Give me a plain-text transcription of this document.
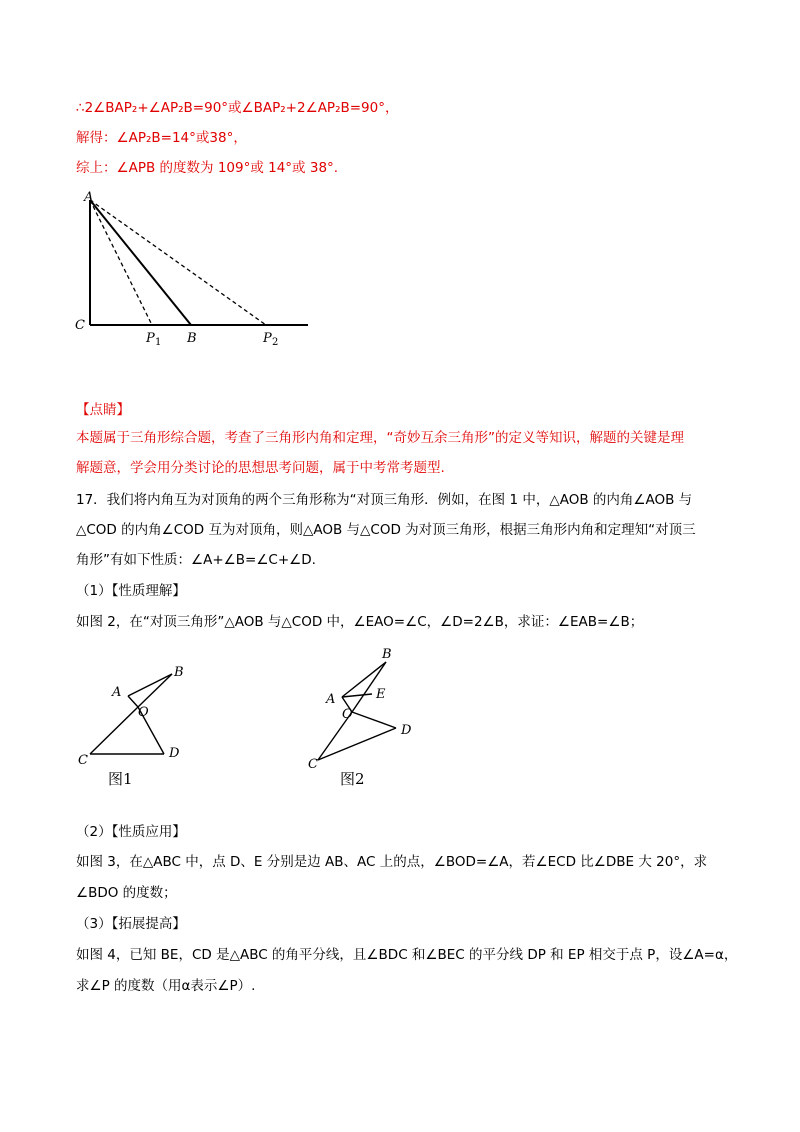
∴2∠BAP₂+∠AP₂B=90°或∠BAP₂+2∠AP₂B=90°，
解得：∠AP₂B=14°或38°，
综上：∠APB 的度数为 109°或 14°或 38°.
A
C
P 1 B	P 2
【点睛】
本题属于三角形综合题，考查了三角形内角和定理，“奇妙互余三角形”的定义等知识，解题的关键是理
解题意，学会用分类讨论的思想思考问题，属于中考常考题型.
17．我们将内角互为对顶角的两个三角形称为“对顶三角形．例如，在图 1 中，△AOB 的内角∠AOB 与
△COD 的内角∠COD 互为对顶角，则△AOB 与△COD 为对顶三角形，根据三角形内角和定理知“对顶三
角形”有如下性质：∠A+∠B=∠C+∠D.
（1）【性质理解】
如图 2，在“对顶三角形”△AOB 与△COD 中，∠EAO=∠C，∠D=2∠B，求证：∠EAB=∠B；
A
B
O
C	D
图1
B
A	E
O
D
C
图2
（2）【性质应用】
如图 3，在△ABC 中，点 D、E 分别是边 AB、AC 上的点，∠BOD=∠A，若∠ECD 比∠DBE 大 20°，求
∠BDO 的度数；
（3）【拓展提高】
如图 4，已知 BE，CD 是△ABC 的角平分线，且∠BDC 和∠BEC 的平分线 DP 和 EP 相交于点 P，设∠A=α，
求∠P 的度数（用α表示∠P）.
